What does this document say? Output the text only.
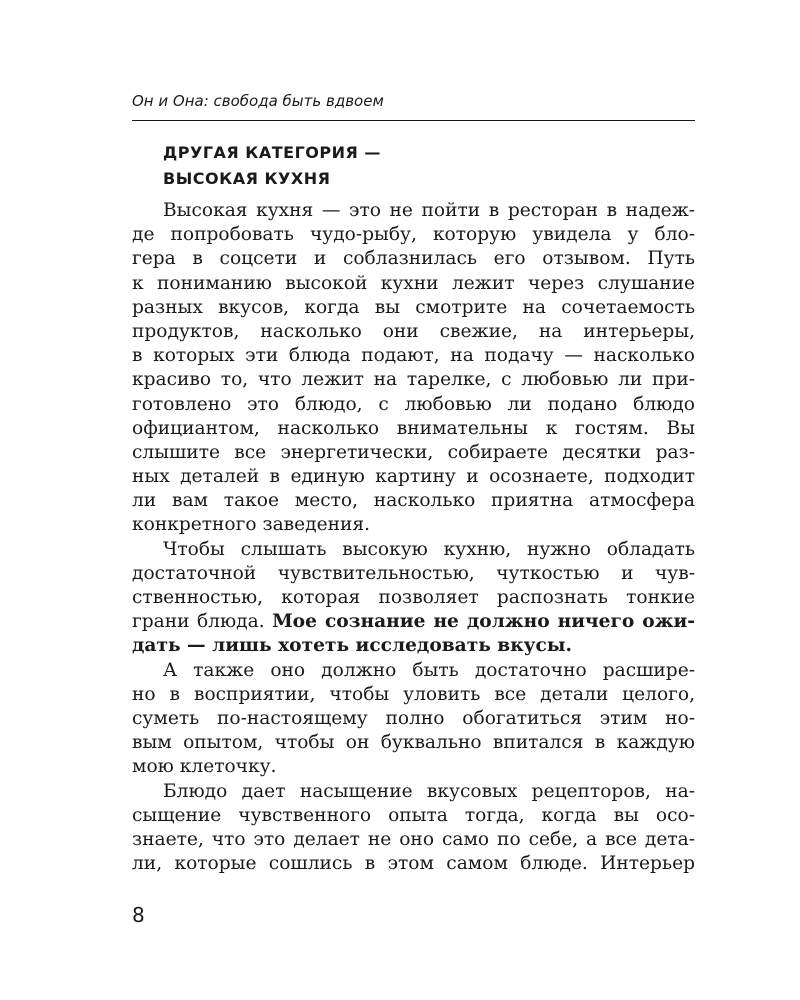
Он и Она: свобода быть вдвоем
ДРУГАЯ КАТЕГОРИЯ —
ВЫСОКАЯ КУХНЯ
Высокая кухня — это не пойти в ресторан в надеж-
де попробовать чудо-рыбу, которую увидела у бло-
гера в соцсети и соблазнилась его отзывом. Путь
к пониманию высокой кухни лежит через слушание
разных вкусов, когда вы смотрите на сочетаемость
продуктов, насколько они свежие, на интерьеры,
в которых эти блюда подают, на подачу — насколько
красиво то, что лежит на тарелке, с любовью ли при-
готовлено это блюдо, с любовью ли подано блюдо
официантом, насколько внимательны к гостям. Вы
слышите все энергетически, собираете десятки раз-
ных деталей в единую картину и осознаете, подходит
ли вам такое место, насколько приятна атмосфера
конкретного заведения.
Чтобы слышать высокую кухню, нужно обладать
достаточной чувствительностью, чуткостью и чув-
ственностью, которая позволяет распознать тонкие
грани блюда. Мое сознание не должно ничего ожи-
дать — лишь хотеть исследовать вкусы.
А также оно должно быть достаточно расшире-
но в восприятии, чтобы уловить все детали целого,
суметь по-настоящему полно обогатиться этим но-
вым опытом, чтобы он буквально впитался в каждую
мою клеточку.
Блюдо дает насыщение вкусовых рецепторов, на-
сыщение чувственного опыта тогда, когда вы осо-
знаете, что это делает не оно само по себе, а все дета-
ли, которые сошлись в этом самом блюде. Интерьер
8
